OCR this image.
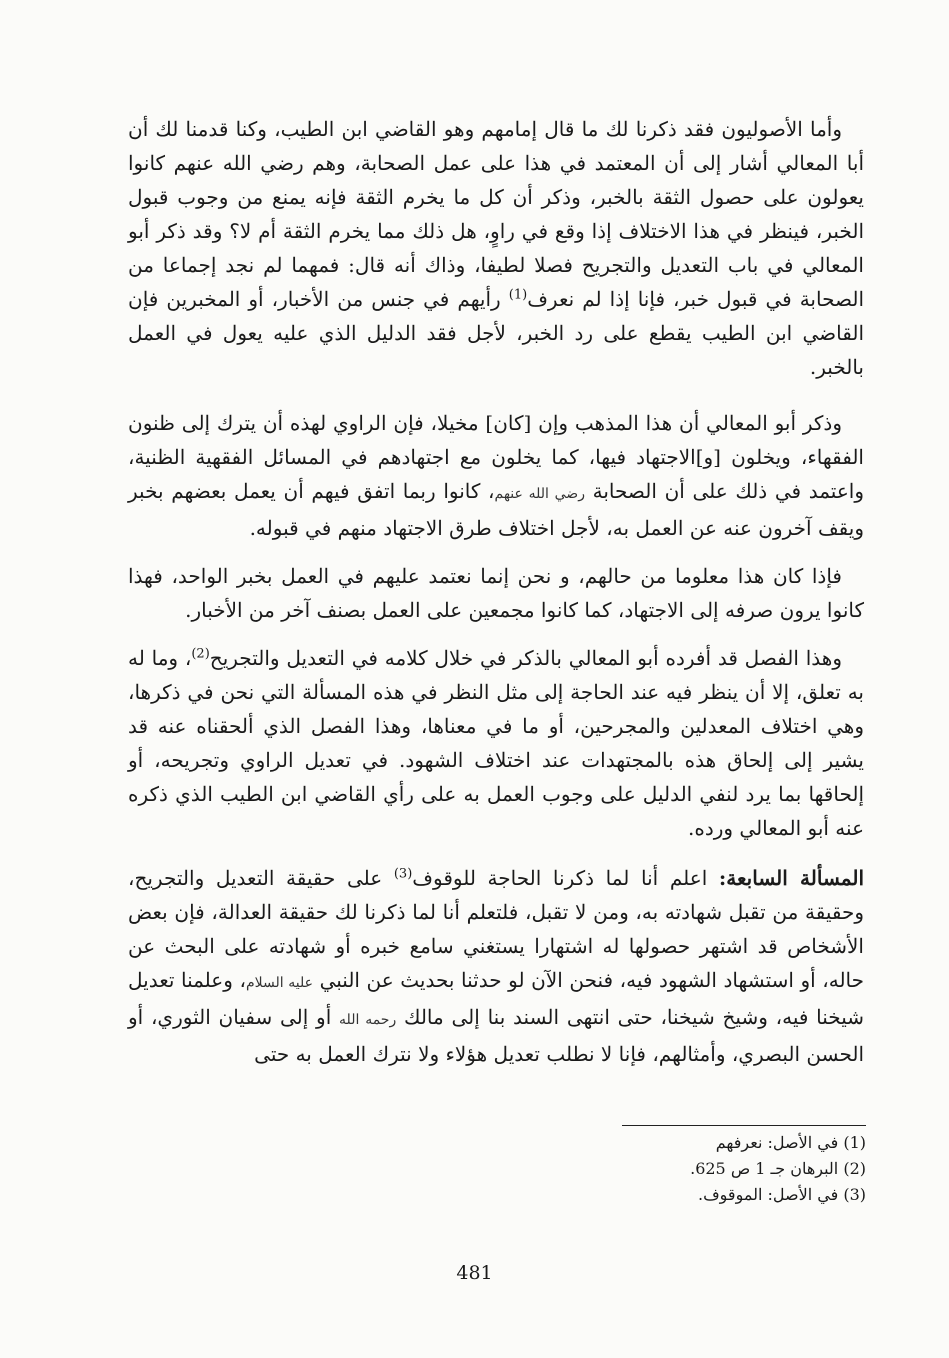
وأما الأصوليون فقد ذكرنا لك ما قال إمامهم وهو القاضي ابن الطيب، وكنا قدمنا لك أن أبا المعالي أشار إلى أن المعتمد في هذا على عمل الصحابة، وهم رضي الله عنهم كانوا يعولون على حصول الثقة بالخبر، وذكر أن كل ما يخرم الثقة فإنه يمنع من وجوب قبول الخبر، فينظر في هذا الاختلاف إذا وقع في راوٍ، هل ذلك مما يخرم الثقة أم لا؟ وقد ذكر أبو المعالي في باب التعديل والتجريح فصلا لطيفا، وذاك أنه قال: فمهما لم نجد إجماعا من الصحابة في قبول خبر، فإنا إذا لم نعرف$^{(1)}$ رأيهم في جنس من الأخبار، أو المخبرين فإن القاضي ابن الطيب يقطع على رد الخبر، لأجل فقد الدليل الذي عليه يعول في العمل بالخبر.

وذكر أبو المعالي أن هذا المذهب وإن [كان] مخيلا، فإن الراوي لهذه أن يترك إلى ظنون الفقهاء، ويخلون [و]الاجتهاد فيها، كما يخلون مع اجتهادهم في المسائل الفقهية الظنية، واعتمد في ذلك على أن الصحابة رضي الله عنهم، كانوا ربما اتفق فيهم أن يعمل بعضهم بخبر ويقف آخرون عنه عن العمل به، لأجل اختلاف طرق الاجتهاد منهم في قبوله.

فإذا كان هذا معلوما من حالهم، و نحن إنما نعتمد عليهم في العمل بخبر الواحد، فهذا كانوا يرون صرفه إلى الاجتهاد، كما كانوا مجمعين على العمل بصنف آخر من الأخبار.

وهذا الفصل قد أفرده أبو المعالي بالذكر في خلال كلامه في التعديل والتجريح$^{(2)}$، وما له به تعلق، إلا أن ينظر فيه عند الحاجة إلى مثل النظر في هذه المسألة التي نحن في ذكرها، وهي اختلاف المعدلين والمجرحين، أو ما في معناها، وهذا الفصل الذي ألحقناه عنه قد يشير إلى إلحاق هذه بالمجتهدات عند اختلاف الشهود. في تعديل الراوي وتجريحه، أو إلحاقها بما يرد لنفي الدليل على وجوب العمل به على رأي القاضي ابن الطيب الذي ذكره عنه أبو المعالي ورده.

المسألة السابعة: اعلم أنا لما ذكرنا الحاجة للوقوف$^{(3)}$ على حقيقة التعديل والتجريح، وحقيقة من تقبل شهادته به، ومن لا تقبل، فلتعلم أنا لما ذكرنا لك حقيقة العدالة، فإن بعض الأشخاص قد اشتهر حصولها له اشتهارا يستغني سامع خبره أو شهادته على البحث عن حاله، أو استشهاد الشهود فيه، فنحن الآن لو حدثنا بحديث عن النبي عليه السلام، وعلمنا تعديل شيخنا فيه، وشيخ شيخنا، حتى انتهى السند بنا إلى مالك رحمه الله أو إلى سفيان الثوري، أو الحسن البصري، وأمثالهم، فإنا لا نطلب تعديل هؤلاء ولا نترك العمل به حتى

(1) في الأصل: نعرفهم

(2) البرهان جـ 1 ص 625.

(3) في الأصل: الموقوف.

481
